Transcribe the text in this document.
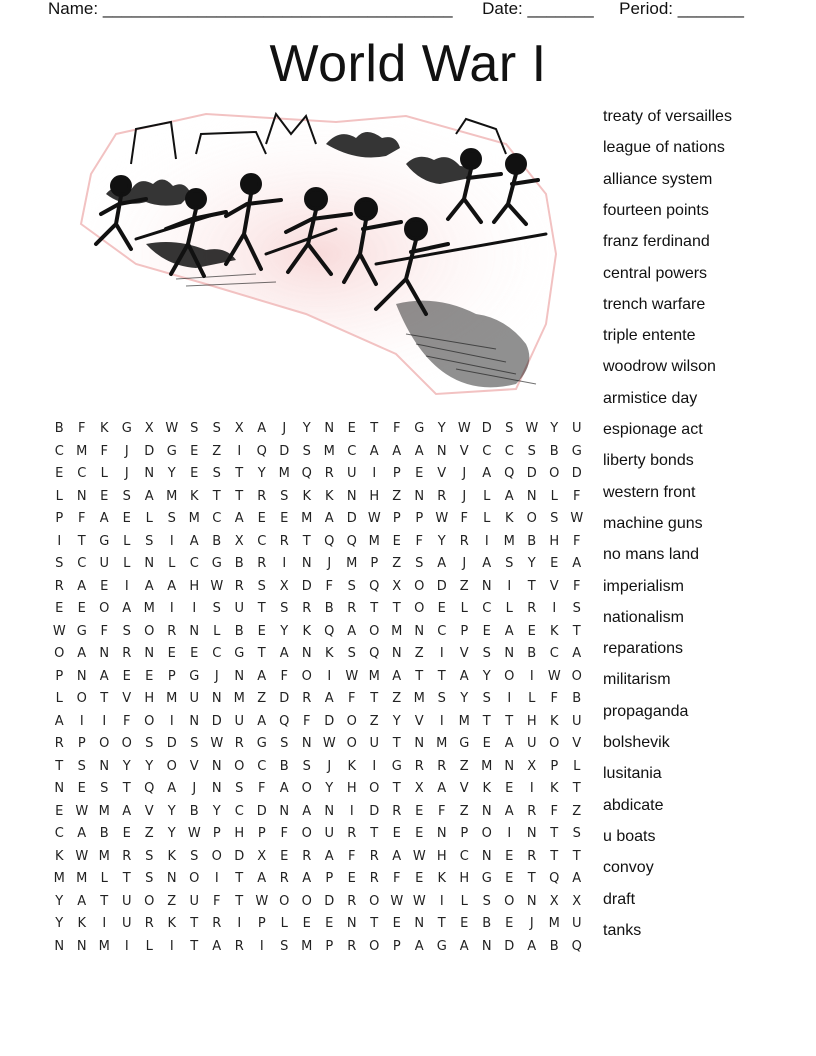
Name: _____________________________________ Date: _______ Period: _______
World War I
B	F	K	G	X W S	S	X	A	J	Y	N	E	T	F	G	Y W D	S W Y	U
C M	F	J	D G	E	Z	I	Q D	S M C	A	A	A	N	V	C	C	S	B	G
E	C	L	J	N	Y	E	S	T	Y M Q R	U	I	P	E	V	J	A Q D O D
L	N	E	S	A M K	T	T	R	S	K	K	N H	Z	N	R	J	L	A	N	L	F
P	F	A	E	L	S M C	A	E	E M A	D W P	P W F	L	K	O	S W
I	T	G	L	S	I	A	B	X	C	R	T	Q Q M E	F	Y	R	I	M B	H	F
S	C	U	L	N	L	C G	B	R	I	N	J	M P	Z	S	A	J	A	S	Y	E	A
R	A	E	I	A	A	H W R	S	X	D	F	S	Q X O D	Z	N	I	T	V	F
E	E	O A M	I	I	S	U	T	S	R	B	R	T	T	O	E	L	C	L	R	I	S
W G	F	S	O R	N	L	B	E	Y	K	Q A O M N	C	P	E	A	E	K	T
O A	N	R	N	E	E	C G	T	A	N	K	S	Q N	Z	I	V	S	N	B	C	A
P	N	A	E	E	P	G	J	N	A	F	O	I	W M A	T	T	A	Y	O	I	W O
L	O	T	V	H M U N M Z	D R	A	F	T	Z M S	Y	S	I	L	F	B
A	I	I	F	O	I	N D U	A Q	F	D O Z	Y	V	I	M T	T	H	K	U
R	P	O O	S	D	S W R G	S	N W O U	T	N M G	E	A	U O V
T	S	N	Y	Y	O V	N O C	B	S	J	K	I	G R	R	Z M N	X	P	L
N	E	S	T	Q A	J	N	S	F	A O	Y	H O	T	X	A	V	K	E	I	K	T
E W M A	V	Y	B	Y	C D N	A	N	I	D R	E	F	Z	N	A	R	F	Z
C	A	B	E	Z	Y W P	H	P	F	O U	R	T	E	E	N	P	O	I	N	T	S
K W M R	S	K	S	O D	X	E	R	A	F	R	A W H	C	N	E	R	T	T
M M	L	T	S	N O	I	T	A	R	A	P	E	R	F	E	K	H G	E	T	Q A
Y	A	T	U O Z	U	F	T W O O D R O W W	I	L	S	O N	X	X
Y	K	I	U	R	K	T	R	I	P	L	E	E	N	T	E	N	T	E	B	E	J	M U
N N M	I	L	I	T	A	R	I	S M P	R O	P	A	G	A	N D	A	B Q
treaty of versailles
league of nations
alliance system
fourteen points
franz ferdinand
central powers
trench warfare
triple entente
woodrow wilson
armistice day
espionage act
liberty bonds
western front
machine guns
no mans land
imperialism
nationalism
reparations
militarism
propaganda
bolshevik
lusitania
abdicate
u boats
convoy
draft
tanks
